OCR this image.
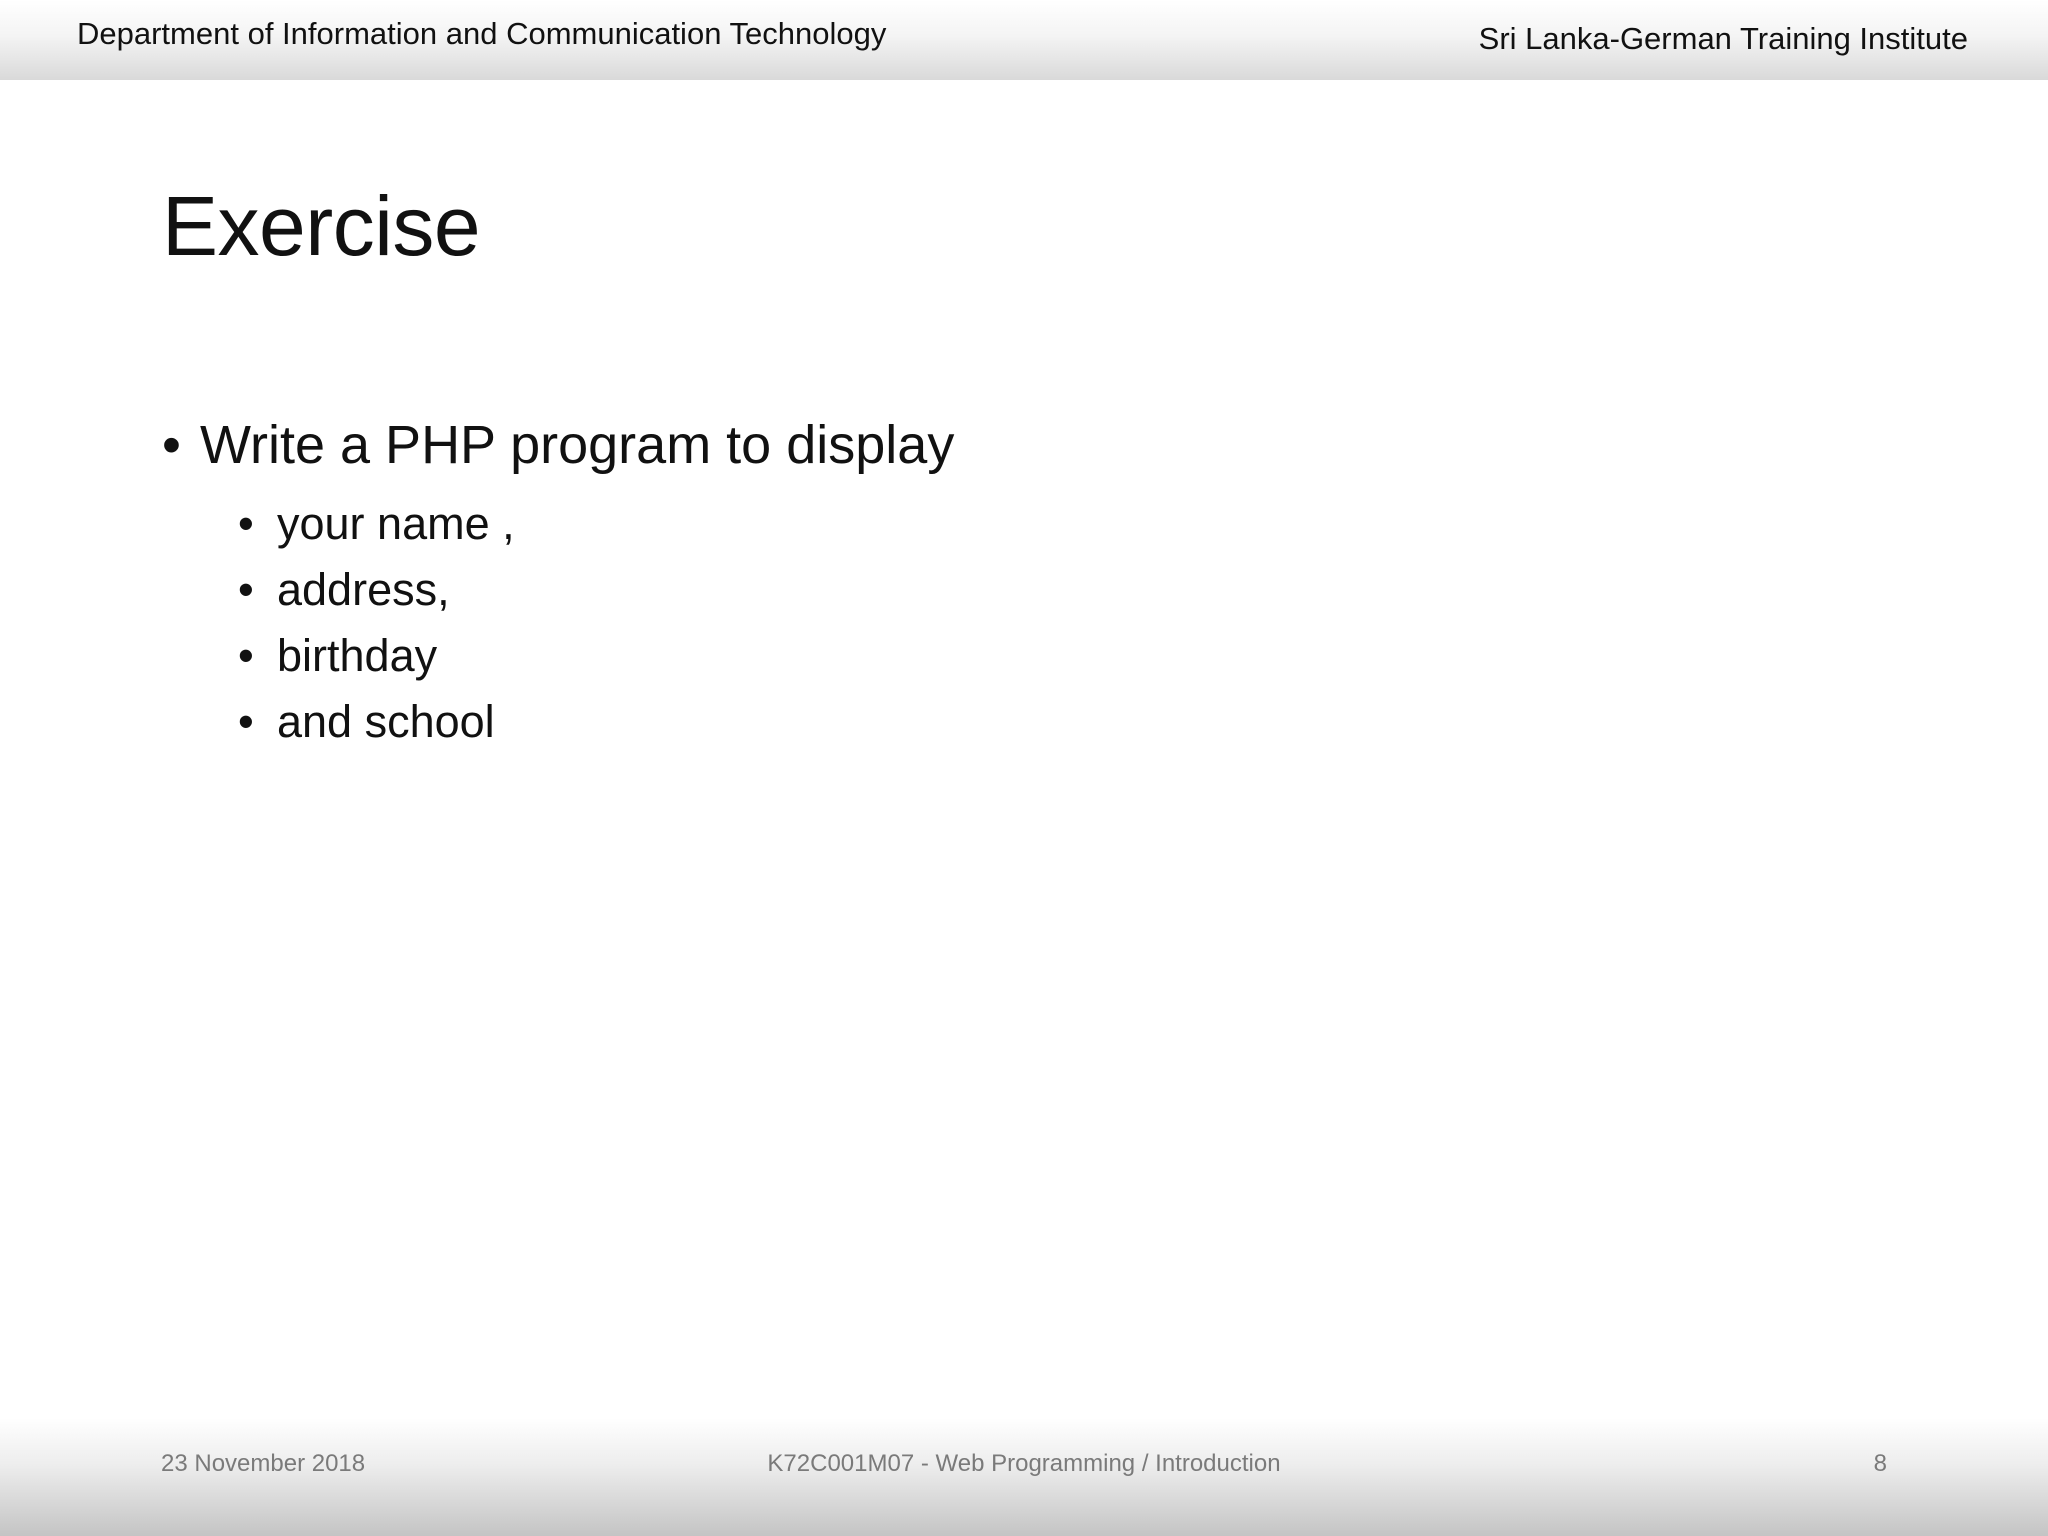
Department of Information and Communication Technology	Sri Lanka-German Training Institute
Exercise
• Write a PHP program to display
• your name ,
• address,
• birthday
• and school
23 November 2018	K72C001M07 - Web Programming / Introduction	8
